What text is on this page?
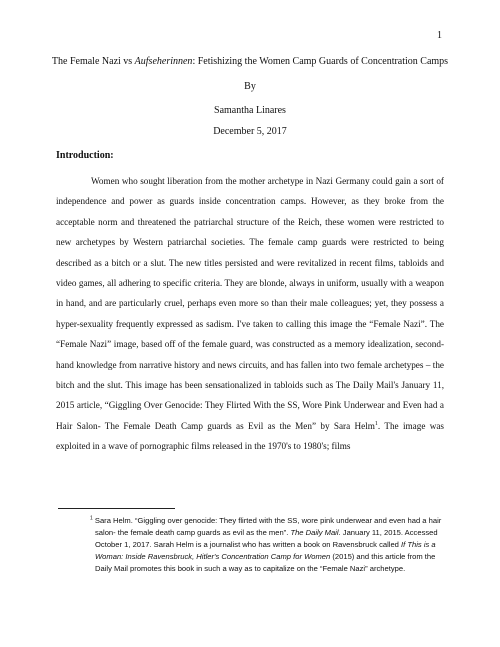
1
The Female Nazi vs Aufseherinnen: Fetishizing the Women Camp Guards of Concentration Camps
By
Samantha Linares
December 5, 2017
Introduction:

Women who sought liberation from the mother archetype in Nazi Germany could gain a sort of independence and power as guards inside concentration camps. However, as they broke from the acceptable norm and threatened the patriarchal structure of the Reich, these women were restricted to new archetypes by Western patriarchal societies. The female camp guards were restricted to being described as a bitch or a slut. The new titles persisted and were revitalized in recent films, tabloids and video games, all adhering to specific criteria. They are blonde, always in uniform, usually with a weapon in hand, and are particularly cruel, perhaps even more so than their male colleagues; yet, they possess a hyper-sexuality frequently expressed as sadism. I've taken to calling this image the “Female Nazi”. The “Female Nazi” image, based off of the female guard, was constructed as a memory idealization, second-hand knowledge from narrative history and news circuits, and has fallen into two female archetypes – the bitch and the slut. This image has been sensationalized in tabloids such as The Daily Mail's January 11, 2015 article, “Giggling Over Genocide: They Flirted With the SS, Wore Pink Underwear and Even had a Hair Salon- The Female Death Camp guards as Evil as the Men” by Sara Helm$^1$. The image was exploited in a wave of pornographic films released in the 1970's to 1980's; films

$^1$ Sara Helm. “Giggling over genocide: They flirted with the SS, wore pink underwear and even had a hair salon- the female death camp guards as evil as the men”. The Daily Mail. January 11, 2015. Accessed October 1, 2017. Sarah Helm is a journalist who has written a book on Ravensbruck called If This is a Woman: Inside Ravensbruck, Hitler's Concentration Camp for Women (2015) and this article from the Daily Mail promotes this book in such a way as to capitalize on the “Female Nazi” archetype.
